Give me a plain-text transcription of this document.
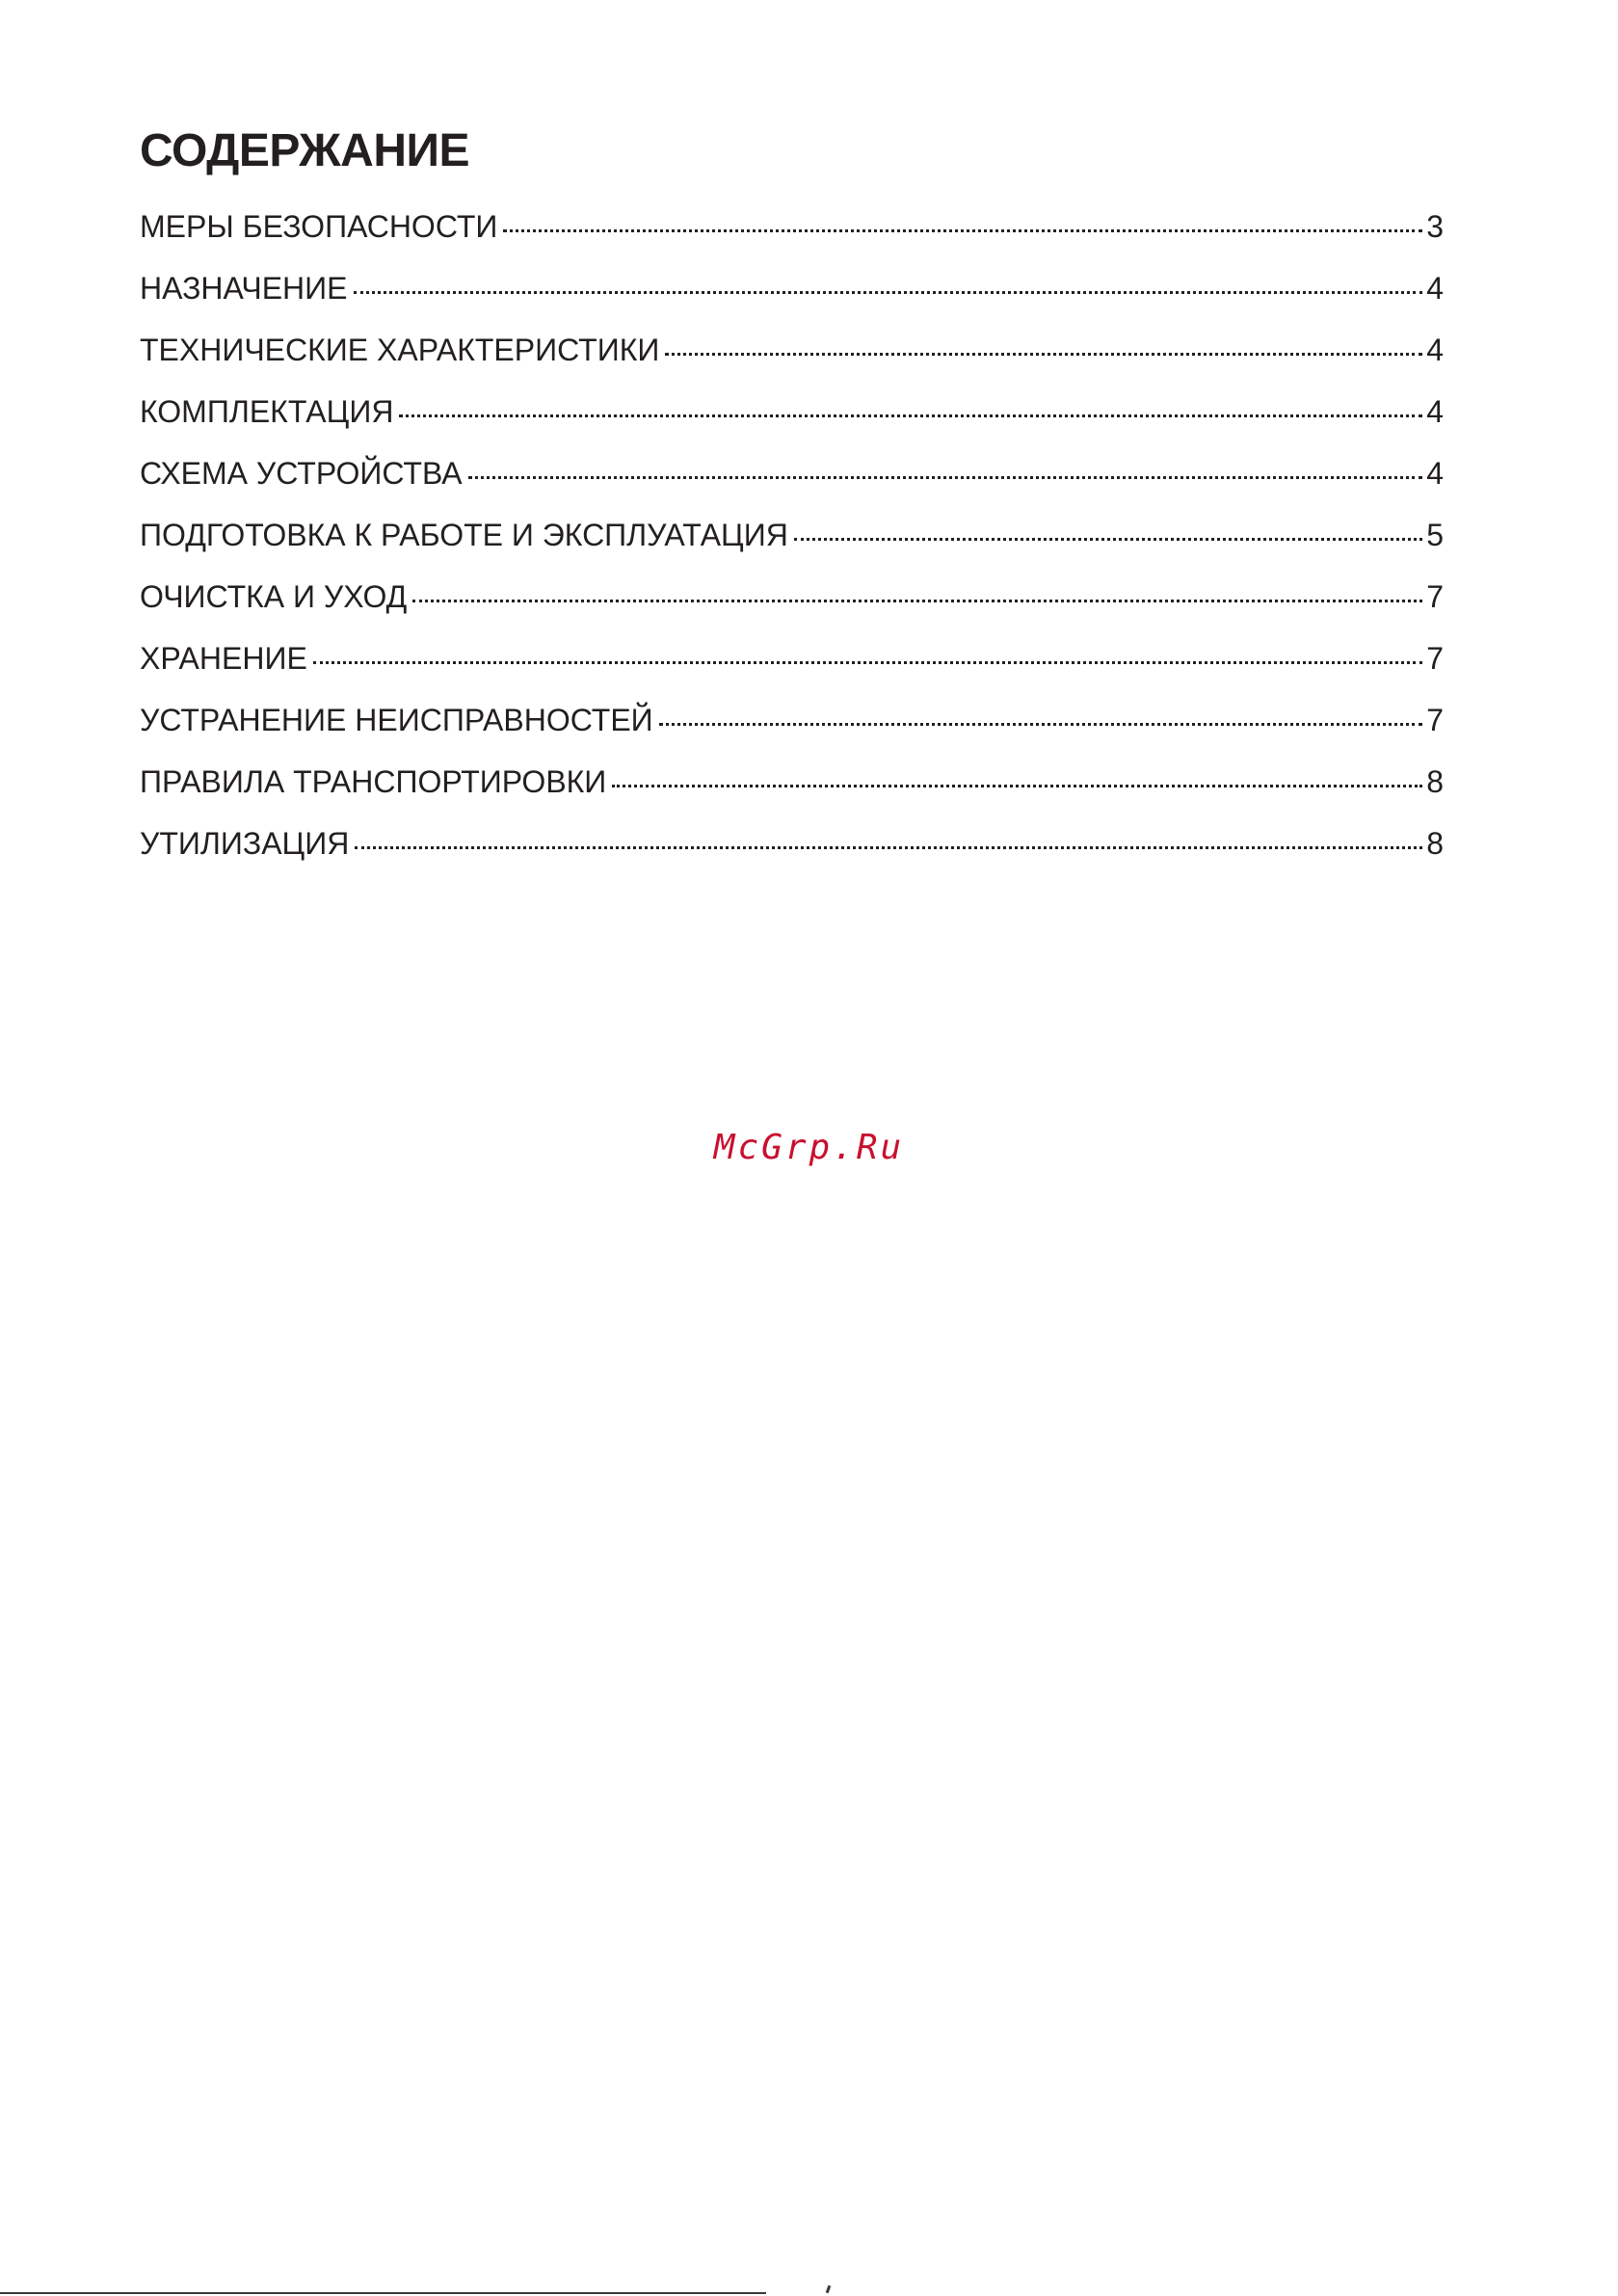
СОДЕРЖАНИЕ
МЕРЫ БЕЗОПАСНОСТИ	3
НАЗНАЧЕНИЕ	4
ТЕХНИЧЕСКИЕ ХАРАКТЕРИСТИКИ	4
КОМПЛЕКТАЦИЯ	4
СХЕМА УСТРОЙСТВА	4
ПОДГОТОВКА К РАБОТЕ И ЭКСПЛУАТАЦИЯ	5
ОЧИСТКА И УХОД	7
ХРАНЕНИЕ	7
УСТРАНЕНИЕ НЕИСПРАВНОСТЕЙ	7
ПРАВИЛА ТРАНСПОРТИРОВКИ	8
УТИЛИЗАЦИЯ	8
McGrp.Ru
